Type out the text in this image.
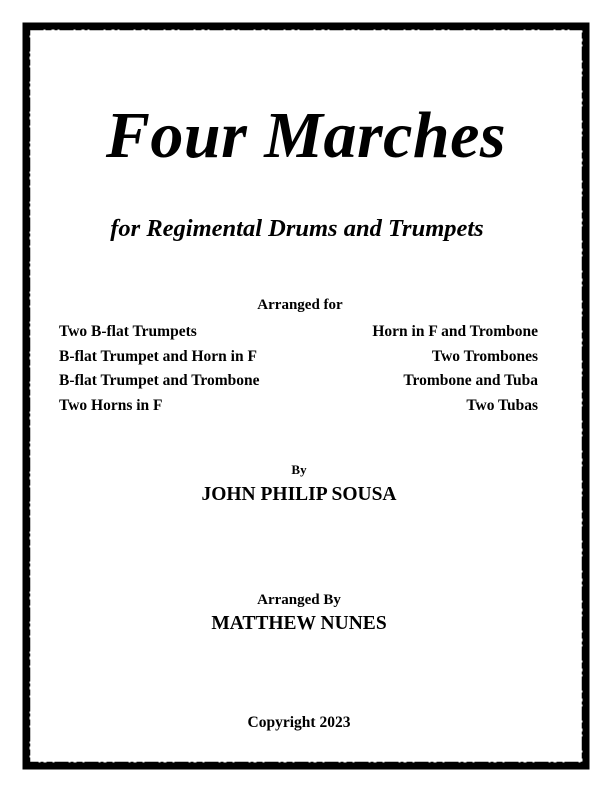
Four Marches
for Regimental Drums and Trumpets
Arranged for
Two B-flat Trumpets
B-flat Trumpet and Horn in F
B-flat Trumpet and Trombone
Two Horns in F
Horn in F and Trombone
Two Trombones
Trombone and Tuba
Two Tubas
By
JOHN PHILIP SOUSA
Arranged By
MATTHEW NUNES
Copyright 2023
